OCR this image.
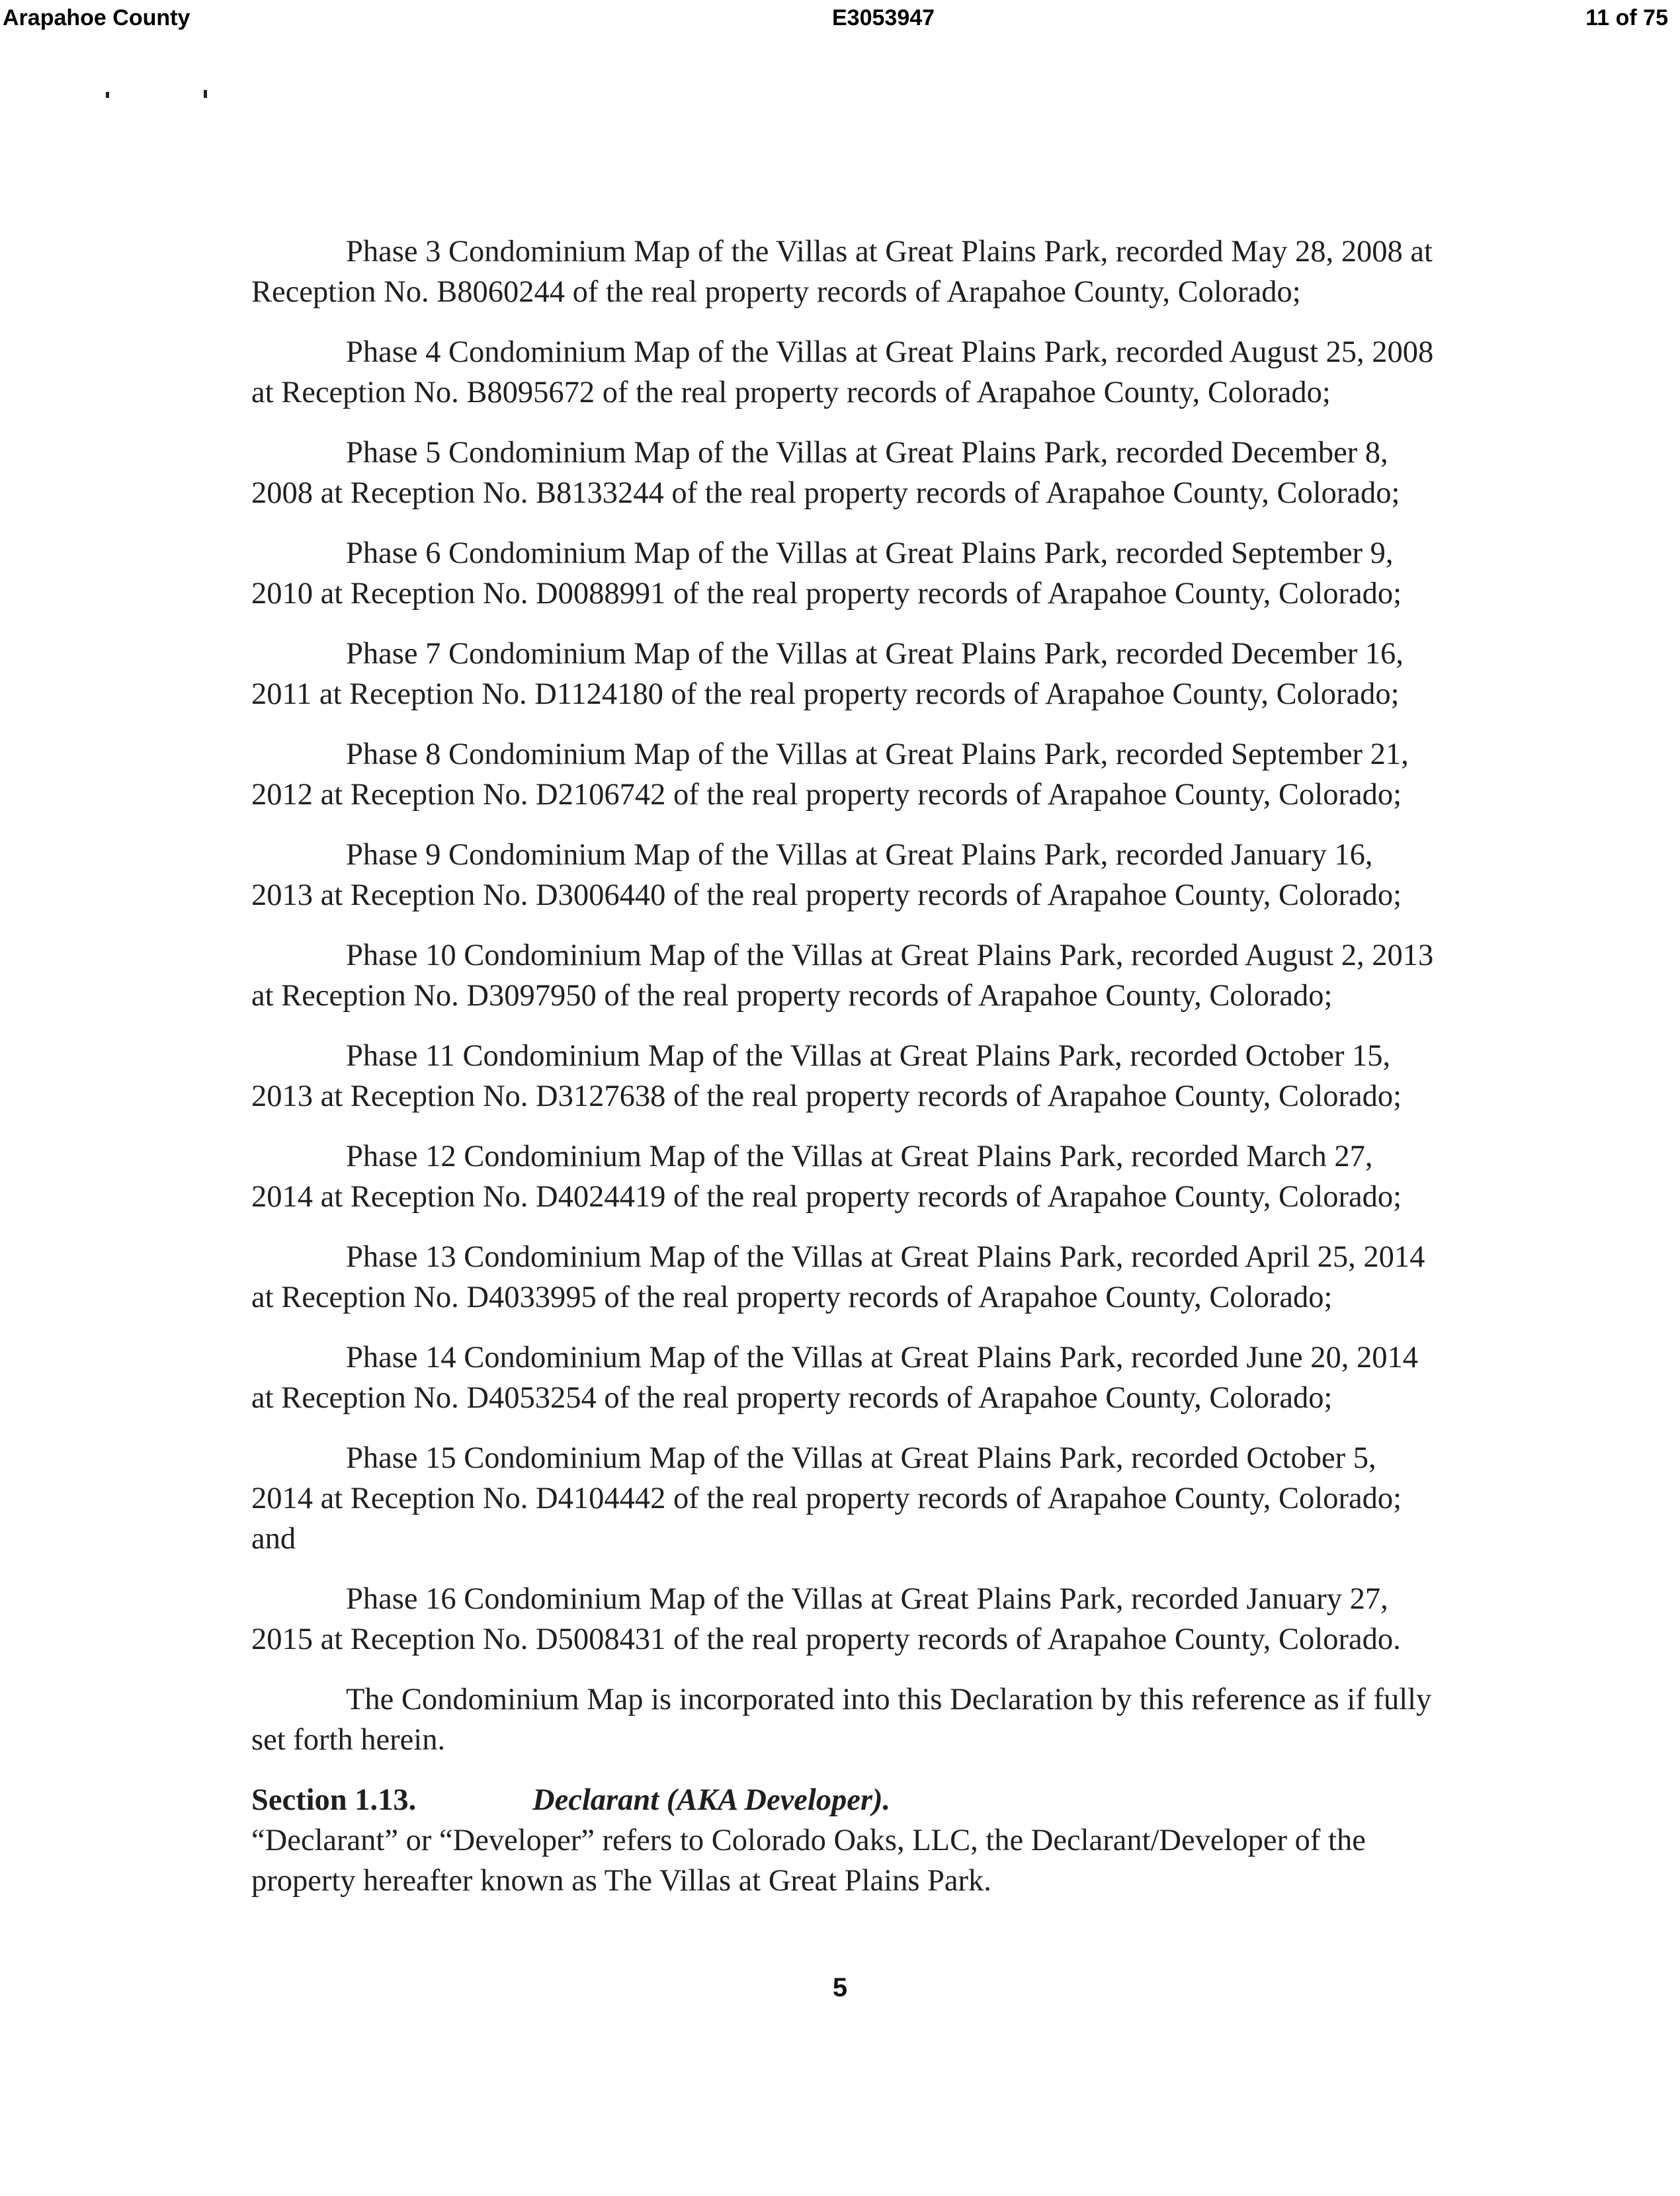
Arapahoe County	E3053947	11 of 75

Phase 3 Condominium Map of the Villas at Great Plains Park, recorded May 28, 2008 at Reception No. B8060244 of the real property records of Arapahoe County, Colorado;

Phase 4 Condominium Map of the Villas at Great Plains Park, recorded August 25, 2008 at Reception No. B8095672 of the real property records of Arapahoe County, Colorado;

Phase 5 Condominium Map of the Villas at Great Plains Park, recorded December 8, 2008 at Reception No. B8133244 of the real property records of Arapahoe County, Colorado;

Phase 6 Condominium Map of the Villas at Great Plains Park, recorded September 9, 2010 at Reception No. D0088991 of the real property records of Arapahoe County, Colorado;

Phase 7 Condominium Map of the Villas at Great Plains Park, recorded December 16, 2011 at Reception No. D1124180 of the real property records of Arapahoe County, Colorado;

Phase 8 Condominium Map of the Villas at Great Plains Park, recorded September 21, 2012 at Reception No. D2106742 of the real property records of Arapahoe County, Colorado;

Phase 9 Condominium Map of the Villas at Great Plains Park, recorded January 16, 2013 at Reception No. D3006440 of the real property records of Arapahoe County, Colorado;

Phase 10 Condominium Map of the Villas at Great Plains Park, recorded August 2, 2013 at Reception No. D3097950 of the real property records of Arapahoe County, Colorado;

Phase 11 Condominium Map of the Villas at Great Plains Park, recorded October 15, 2013 at Reception No. D3127638 of the real property records of Arapahoe County, Colorado;

Phase 12 Condominium Map of the Villas at Great Plains Park, recorded March 27, 2014 at Reception No. D4024419 of the real property records of Arapahoe County, Colorado;

Phase 13 Condominium Map of the Villas at Great Plains Park, recorded April 25, 2014 at Reception No. D4033995 of the real property records of Arapahoe County, Colorado;

Phase 14 Condominium Map of the Villas at Great Plains Park, recorded June 20, 2014 at Reception No. D4053254 of the real property records of Arapahoe County, Colorado;

Phase 15 Condominium Map of the Villas at Great Plains Park, recorded October 5, 2014 at Reception No. D4104442 of the real property records of Arapahoe County, Colorado; and

Phase 16 Condominium Map of the Villas at Great Plains Park, recorded January 27, 2015 at Reception No. D5008431 of the real property records of Arapahoe County, Colorado.

The Condominium Map is incorporated into this Declaration by this reference as if fully set forth herein.

Section 1.13.	Declarant (AKA Developer).

“Declarant” or “Developer” refers to Colorado Oaks, LLC, the Declarant/Developer of the property hereafter known as The Villas at Great Plains Park.

5
